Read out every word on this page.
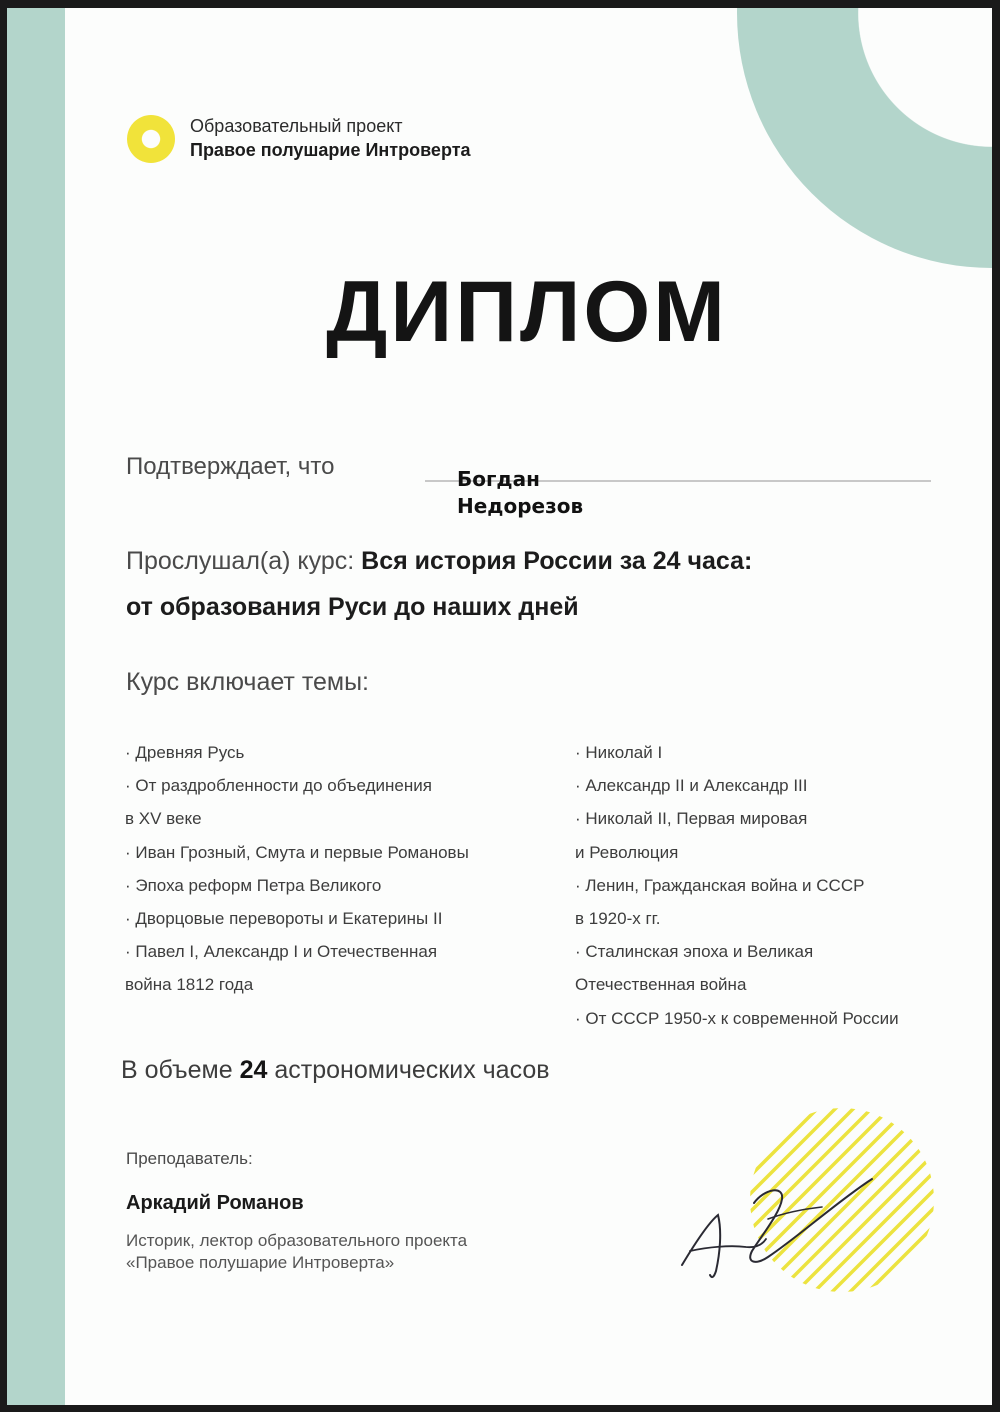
Образовательный проект
Правое полушарие Интроверта
ДИПЛОМ
Подтверждает, что	Богдан
Недорезов
Прослушал(а) курс: Вся история России за 24 часа:
от образования Руси до наших дней
Курс включает темы:
· Древняя Русь
· От раздробленности до объединения
в XV веке
· Иван Грозный, Смута и первые Романовы
· Эпоха реформ Петра Великого
· Дворцовые перевороты и Екатерины II
· Павел I, Александр I и Отечественная
война 1812 года
· Николай I
· Александр II и Александр III
· Николай II, Первая мировая
и Революция
· Ленин, Гражданская война и СССР
в 1920-х гг.
· Сталинская эпоха и Великая
Отечественная война
· От СССР 1950-х к современной России
В объеме 24 астрономических часов
Преподаватель:
Аркадий Романов
Историк, лектор образовательного проекта
«Правое полушарие Интроверта»
